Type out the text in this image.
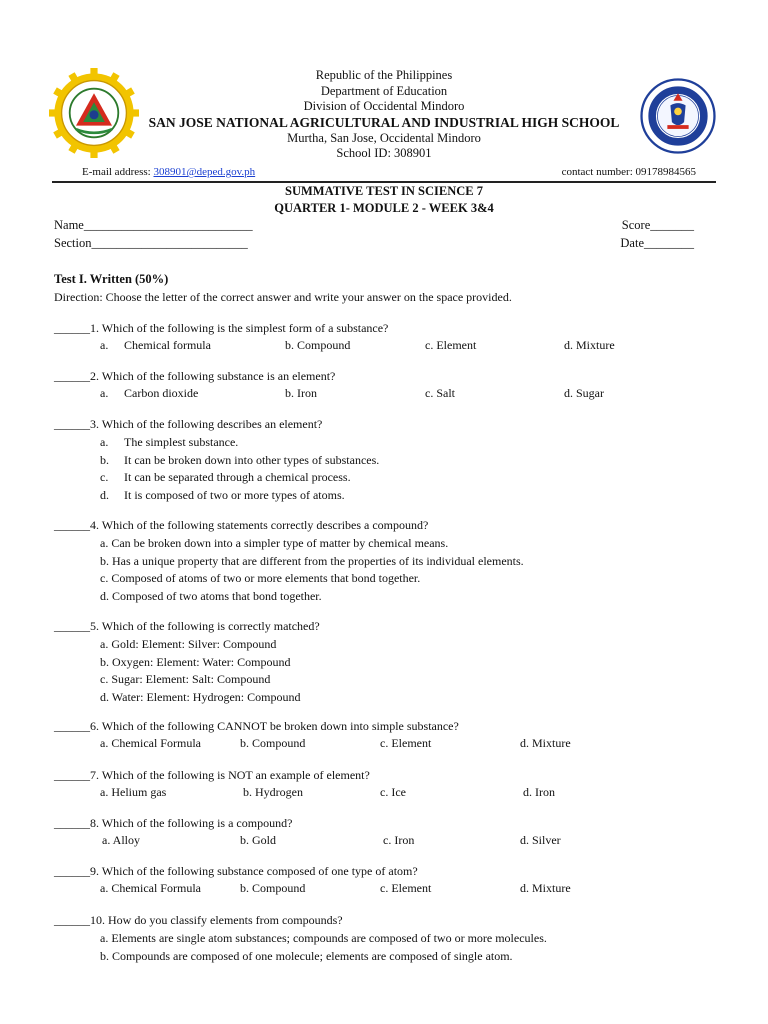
Republic of the Philippines
Department of Education
Division of Occidental Mindoro
SAN JOSE NATIONAL AGRICULTURAL AND INDUSTRIAL HIGH SCHOOL
Murtha, San Jose, Occidental Mindoro
School ID: 308901
E-mail address: 308901@deped.gov.ph	contact number: 09178984565
SUMMATIVE TEST IN SCIENCE 7
QUARTER 1- MODULE 2 - WEEK 3&4
Name___________________________	Score_______
Section_________________________	Date________
Test I. Written (50%)
Direction: Choose the letter of the correct answer and write your answer on the space provided.
______1. Which of the following is the simplest form of a substance?
a. Chemical formula	b. Compound	c. Element	d. Mixture
______2. Which of the following substance is an element?
a. Carbon dioxide	b. Iron	c. Salt	d. Sugar
______3. Which of the following describes an element?
a. The simplest substance.
b. It can be broken down into other types of substances.
c. It can be separated through a chemical process.
d. It is composed of two or more types of atoms.
______4. Which of the following statements correctly describes a compound?
a. Can be broken down into a simpler type of matter by chemical means.
b. Has a unique property that are different from the properties of its individual elements.
c. Composed of atoms of two or more elements that bond together.
d. Composed of two atoms that bond together.
______5. Which of the following is correctly matched?
a. Gold: Element: Silver: Compound
b. Oxygen: Element: Water: Compound
c. Sugar: Element: Salt: Compound
d. Water: Element: Hydrogen: Compound
______6. Which of the following CANNOT be broken down into simple substance?
a. Chemical Formula	b. Compound	c. Element	d. Mixture
______7. Which of the following is NOT an example of element?
a. Helium gas	b. Hydrogen	c. Ice	d. Iron
______8. Which of the following is a compound?
a. Alloy	b. Gold	c. Iron	d. Silver
______9. Which of the following substance composed of one type of atom?
a. Chemical Formula	b. Compound	c. Element	d. Mixture
______10. How do you classify elements from compounds?
a. Elements are single atom substances; compounds are composed of two or more molecules.
b. Compounds are composed of one molecule; elements are composed of single atom.
